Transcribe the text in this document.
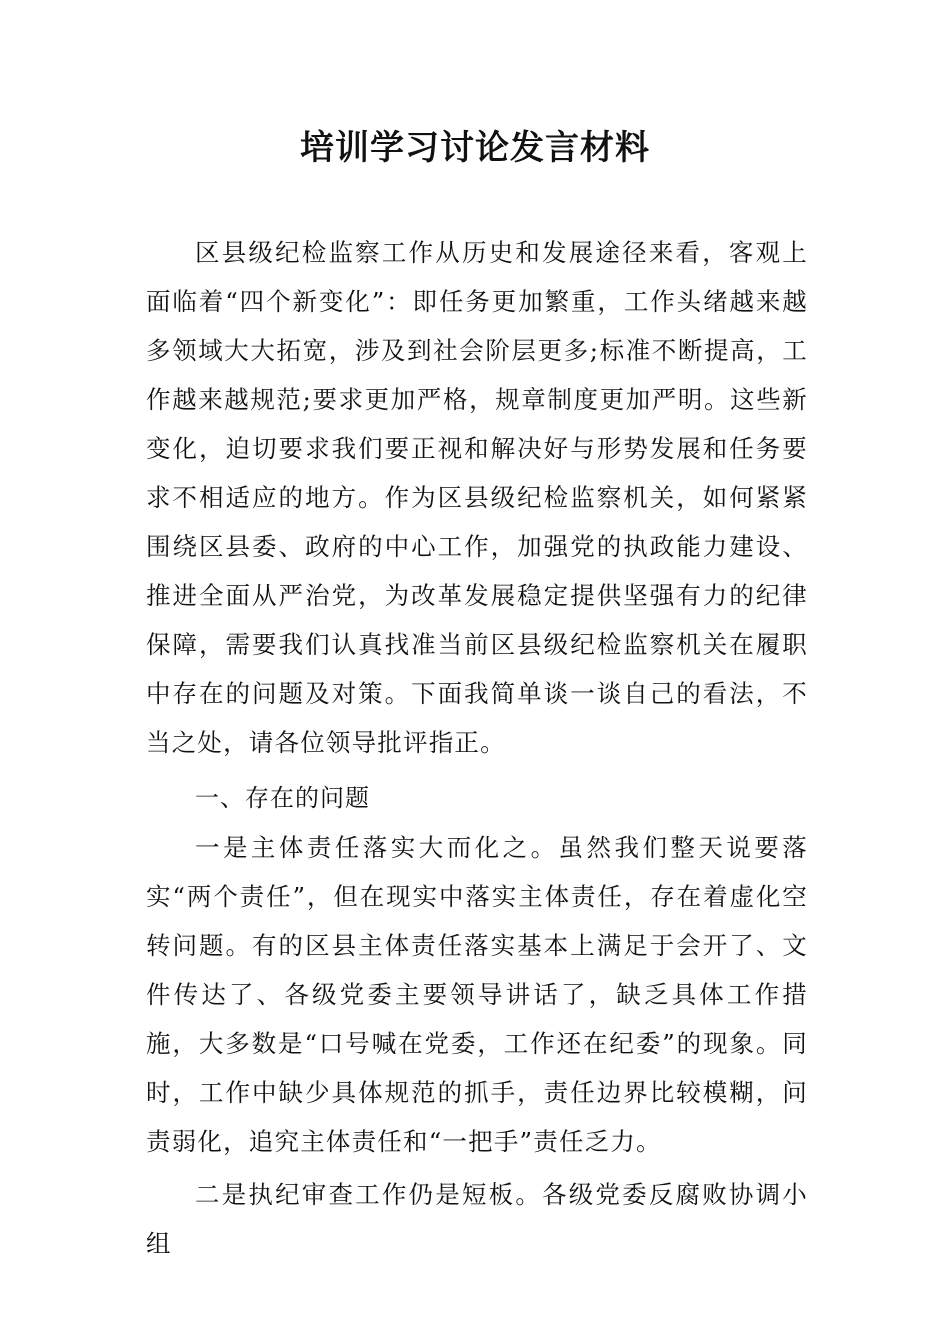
培训学习讨论发言材料

区县级纪检监察工作从历史和发展途径来看，客观上面临着“四个新变化”：即任务更加繁重，工作头绪越来越多领域大大拓宽，涉及到社会阶层更多;标准不断提高，工作越来越规范;要求更加严格，规章制度更加严明。这些新变化，迫切要求我们要正视和解决好与形势发展和任务要求不相适应的地方。作为区县级纪检监察机关，如何紧紧围绕区县委、政府的中心工作，加强党的执政能力建设、推进全面从严治党，为改革发展稳定提供坚强有力的纪律保障，需要我们认真找准当前区县级纪检监察机关在履职中存在的问题及对策。下面我简单谈一谈自己的看法，不当之处，请各位领导批评指正。

一、存在的问题

一是主体责任落实大而化之。虽然我们整天说要落实“两个责任”，但在现实中落实主体责任，存在着虚化空转问题。有的区县主体责任落实基本上满足于会开了、文件传达了、各级党委主要领导讲话了，缺乏具体工作措施，大多数是“口号喊在党委，工作还在纪委”的现象。同时，工作中缺少具体规范的抓手，责任边界比较模糊，问责弱化，追究主体责任和“一把手”责任乏力。

二是执纪审查工作仍是短板。各级党委反腐败协调小组
